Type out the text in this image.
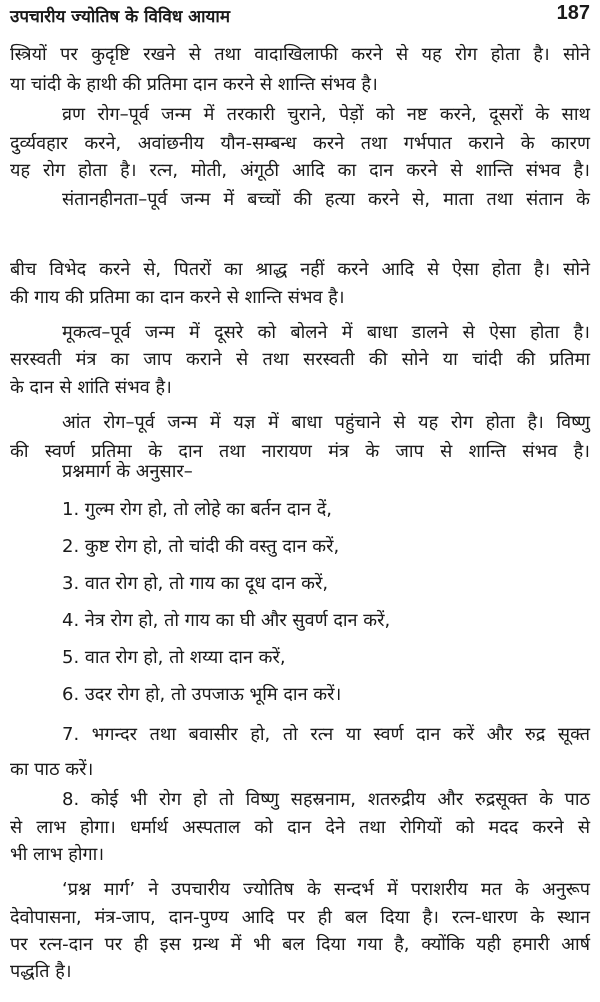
उपचारीय ज्योतिष के विविध आयाम	187
स्त्रियों पर कुदृष्टि रखने से तथा वादाखिलाफी करने से यह रोग होता है। सोने
या चांदी के हाथी की प्रतिमा दान करने से शान्ति संभव है।
व्रण रोग–पूर्व जन्म में तरकारी चुराने, पेड़ों को नष्ट करने, दूसरों के साथ
दुर्व्यवहार करने, अवांछनीय यौन-सम्बन्ध करने तथा गर्भपात कराने के कारण
यह रोग होता है। रत्न, मोती, अंगूठी आदि का दान करने से शान्ति संभव है।
संतानहीनता–पूर्व जन्म में बच्चों की हत्या करने से, माता तथा संतान के
बीच विभेद करने से, पितरों का श्राद्ध नहीं करने आदि से ऐसा होता है। सोने
की गाय की प्रतिमा का दान करने से शान्ति संभव है।
मूकत्व–पूर्व जन्म में दूसरे को बोलने में बाधा डालने से ऐसा होता है।
सरस्वती मंत्र का जाप कराने से तथा सरस्वती की सोने या चांदी की प्रतिमा
के दान से शांति संभव है।
आंत रोग–पूर्व जन्म में यज्ञ में बाधा पहुंचाने से यह रोग होता है। विष्णु
की स्वर्ण प्रतिमा के दान तथा नारायण मंत्र के जाप से शान्ति संभव है।
प्रश्नमार्ग के अनुसार–
1. गुल्म रोग हो, तो लोहे का बर्तन दान दें,
2. कुष्ट रोग हो, तो चांदी की वस्तु दान करें,
3. वात रोग हो, तो गाय का दूध दान करें,
4. नेत्र रोग हो, तो गाय का घी और सुवर्ण दान करें,
5. वात रोग हो, तो शय्या दान करें,
6. उदर रोग हो, तो उपजाऊ भूमि दान करें।
7. भगन्दर तथा बवासीर हो, तो रत्न या स्वर्ण दान करें और रुद्र सूक्त
का पाठ करें।
8. कोई भी रोग हो तो विष्णु सहस्रनाम, शतरुद्रीय और रुद्रसूक्त के पाठ
से लाभ होगा। धर्मार्थ अस्पताल को दान देने तथा रोगियों को मदद करने से
भी लाभ होगा।
‘प्रश्न मार्ग’ ने उपचारीय ज्योतिष के सन्दर्भ में पराशरीय मत के अनुरूप
देवोपासना, मंत्र-जाप, दान-पुण्य आदि पर ही बल दिया है। रत्न-धारण के स्थान
पर रत्न-दान पर ही इस ग्रन्थ में भी बल दिया गया है, क्योंकि यही हमारी आर्ष
पद्धति है।
